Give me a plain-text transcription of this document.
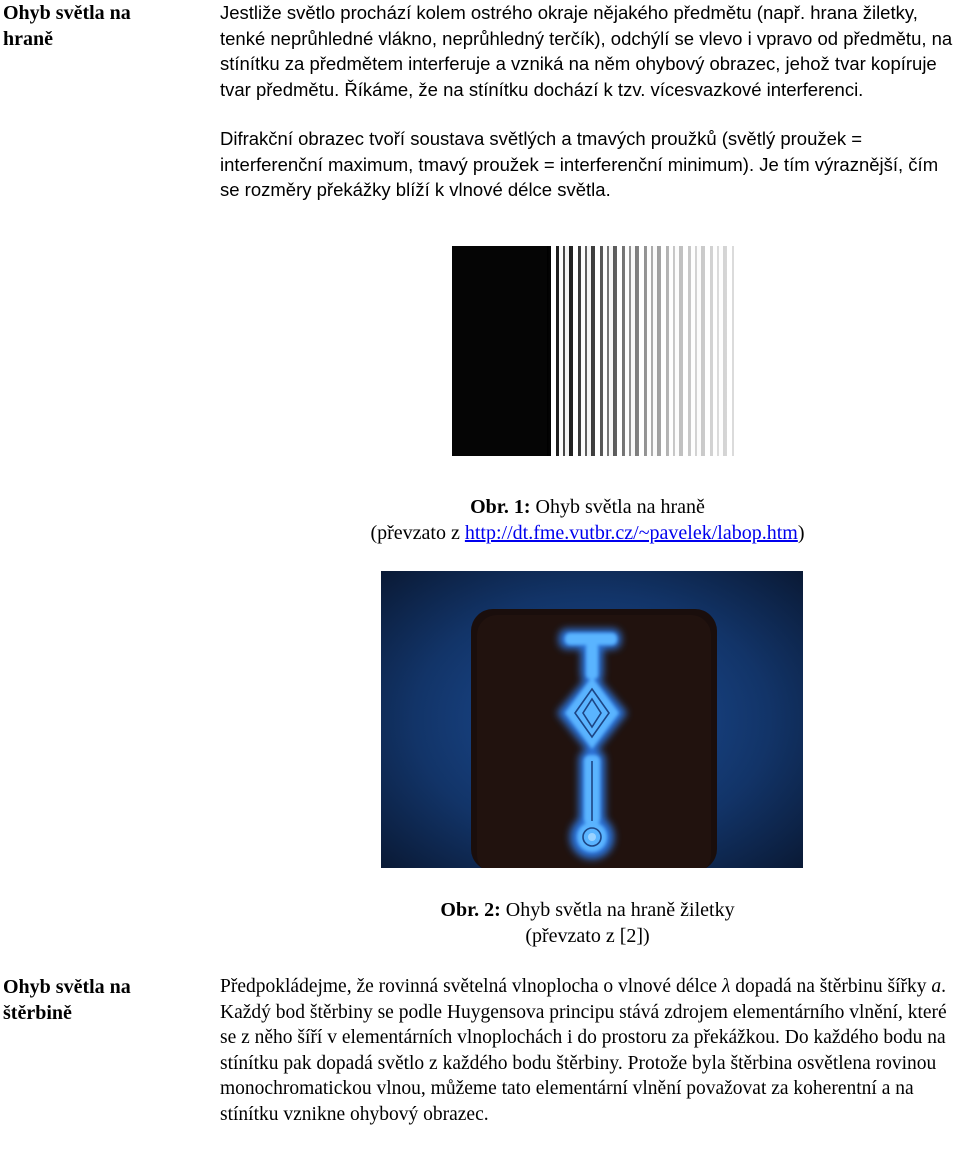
Ohyb světla na
hraně

Jestliže světlo prochází kolem ostrého okraje nějakého předmětu (např. hrana žiletky, tenké neprůhledné vlákno, neprůhledný terčík), odchýlí se vlevo i vpravo od předmětu, na stínítku za předmětem interferuje a vzniká na něm ohybový obrazec, jehož tvar kopíruje tvar předmětu. Říkáme, že na stínítku dochází k tzv. vícesvazkové interferenci.

Difrakční obrazec tvoří soustava světlých a tmavých proužků (světlý proužek = interferenční maximum, tmavý proužek = interferenční minimum). Je tím výraznější, čím se rozměry překážky blíží k vlnové délce světla.

Obr. 1: Ohyb světla na hraně
(převzato z http://dt.fme.vutbr.cz/~pavelek/labop.htm)
Obr. 2: Ohyb světla na hraně žiletky
(převzato z [2])
Ohyb světla na
štěrbině

Předpokládejme, že rovinná světelná vlnoplocha o vlnové délce λ dopadá na štěrbinu šířky a. Každý bod štěrbiny se podle Huygensova principu stává zdrojem elementárního vlnění, které se z něho šíří v elementárních vlnoplochách i do prostoru za překážkou. Do každého bodu na stínítku pak dopadá světlo z každého bodu štěrbiny. Protože byla štěrbina osvětlena rovinou monochromatickou vlnou, můžeme tato elementární vlnění považovat za koherentní a na stínítku vznikne ohybový obrazec.
